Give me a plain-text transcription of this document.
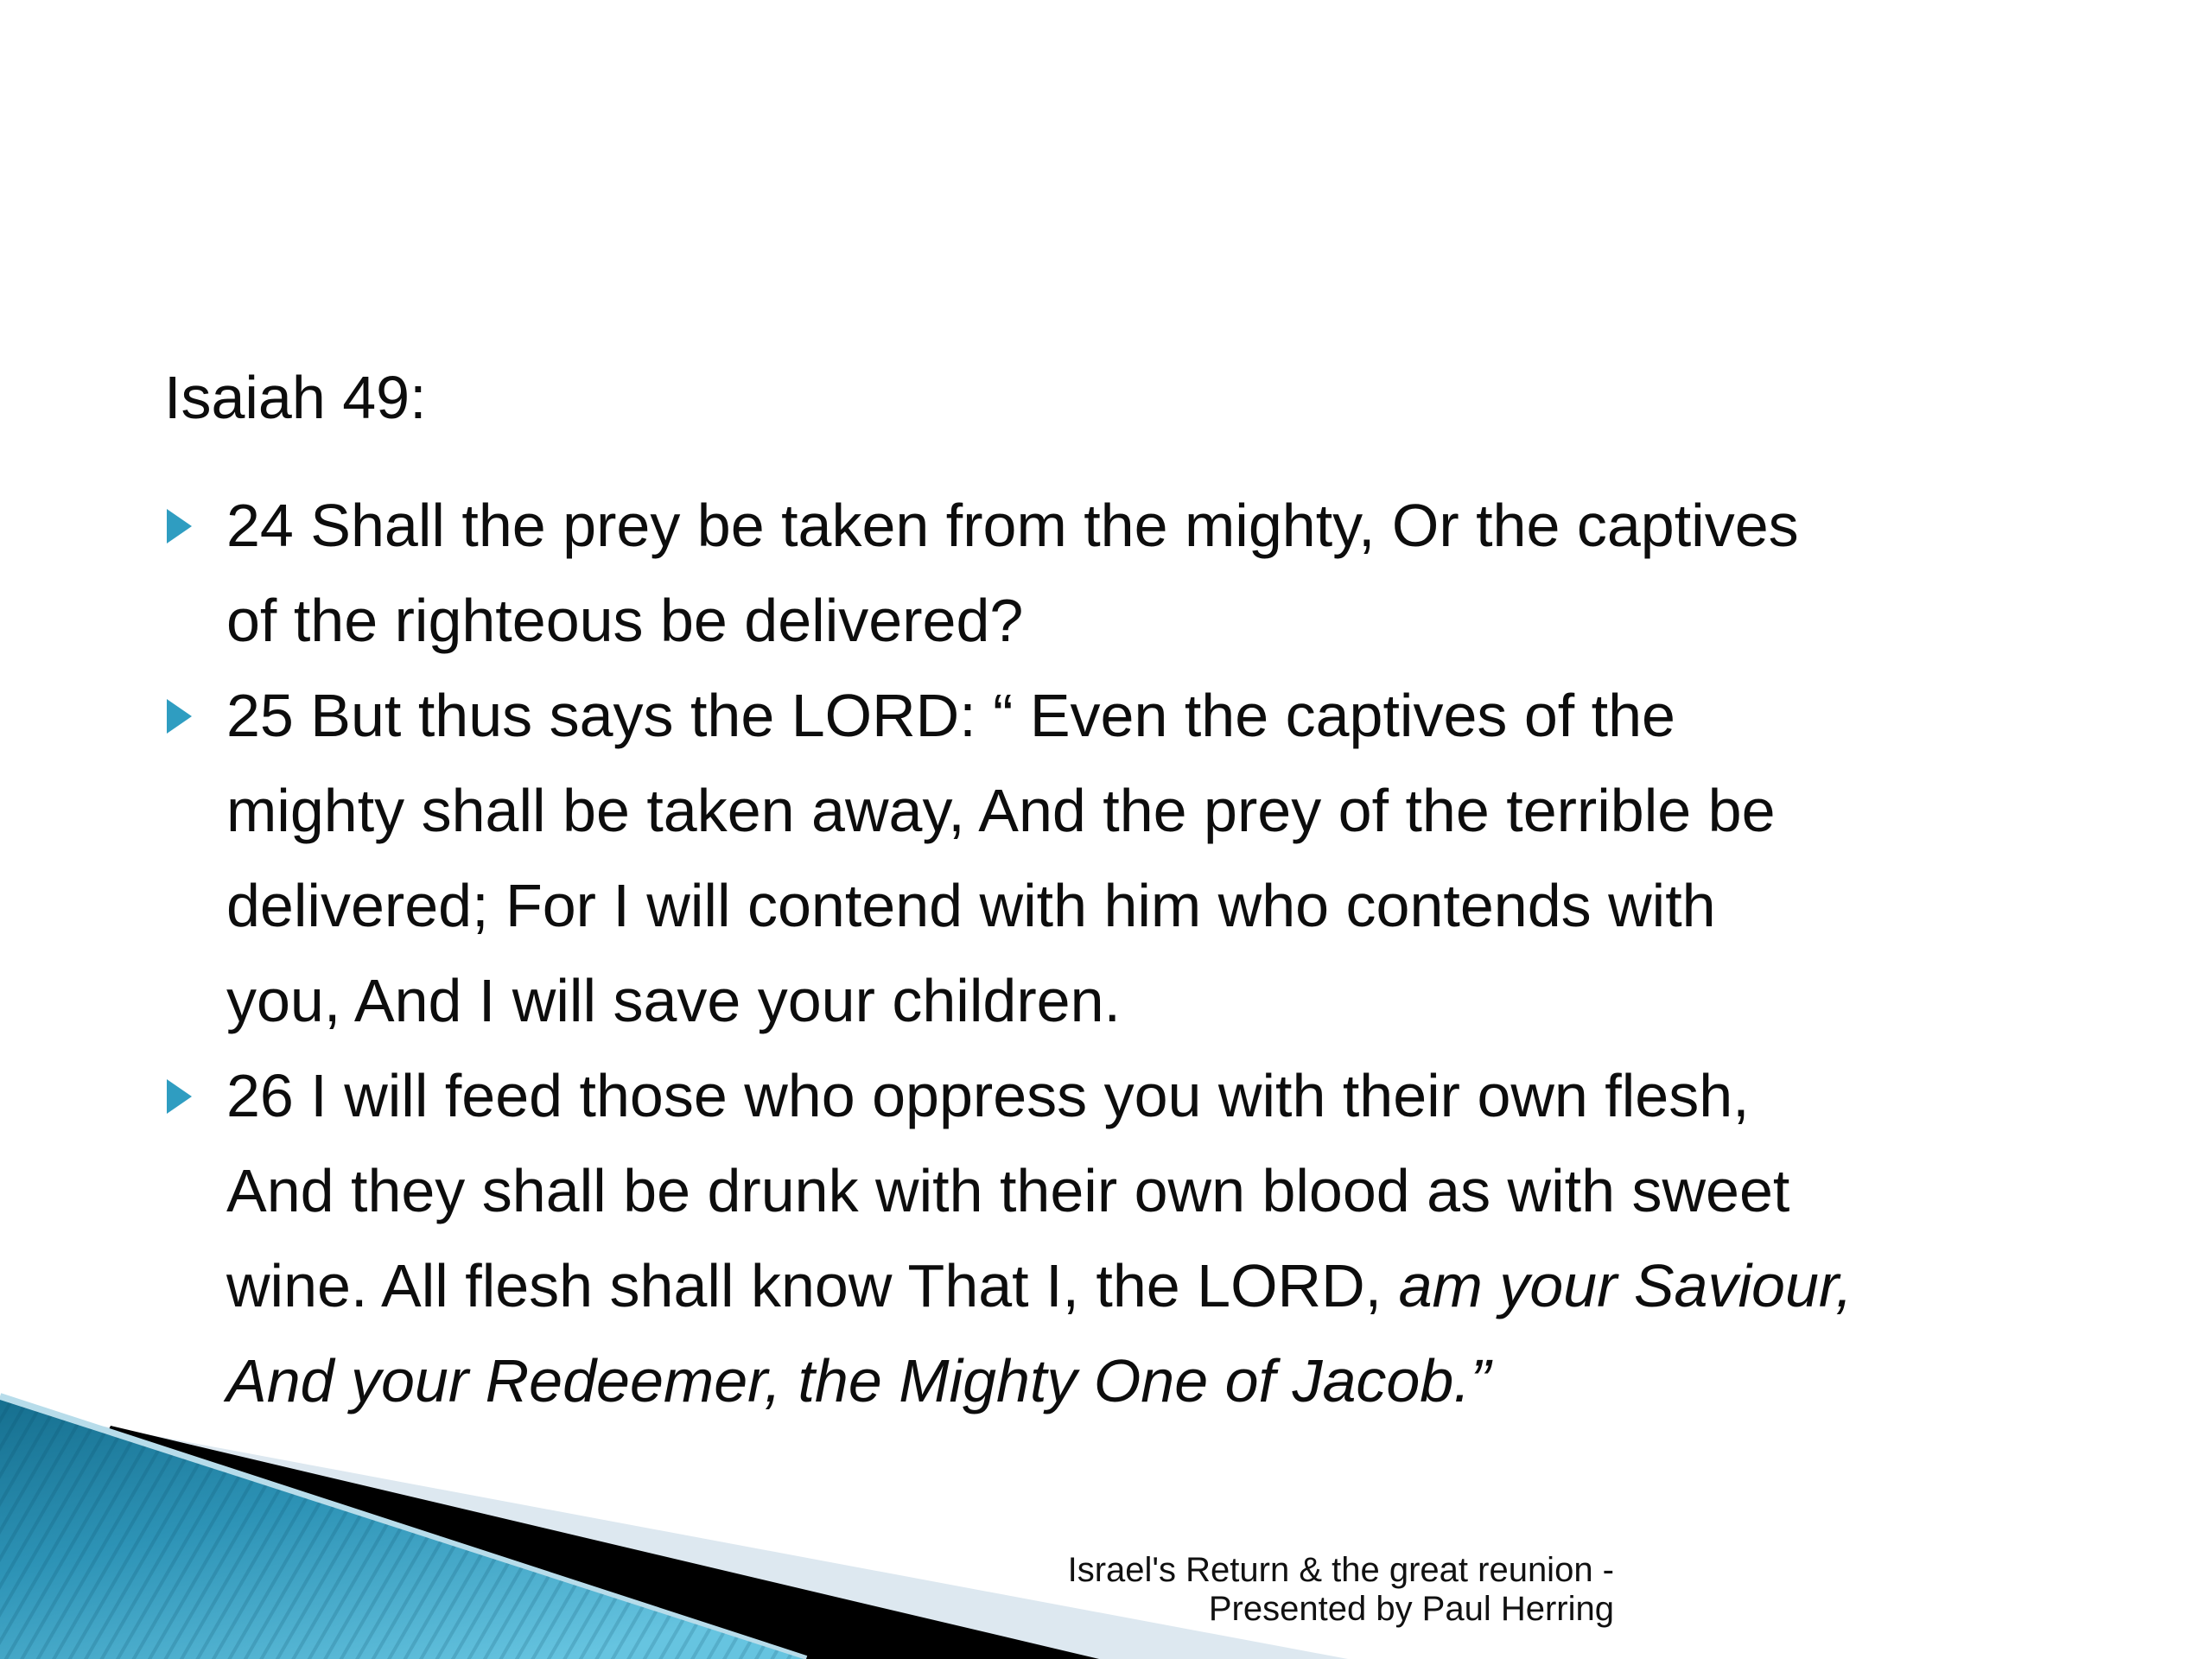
Isaiah 49:
24 Shall the prey be taken from the mighty, Or the captives
of the righteous be delivered?
25 But thus says the LORD: “ Even the captives of the
mighty shall be taken away, And the prey of the terrible be
delivered; For I will contend with him who contends with
you, And I will save your children.
26 I will feed those who oppress you with their own flesh,
And they shall be drunk with their own blood as with sweet
wine. All flesh shall know That I, the LORD, am your Saviour,
And your Redeemer, the Mighty One of Jacob.”
Israel's Return & the great reunion -
Presented by Paul Herring
